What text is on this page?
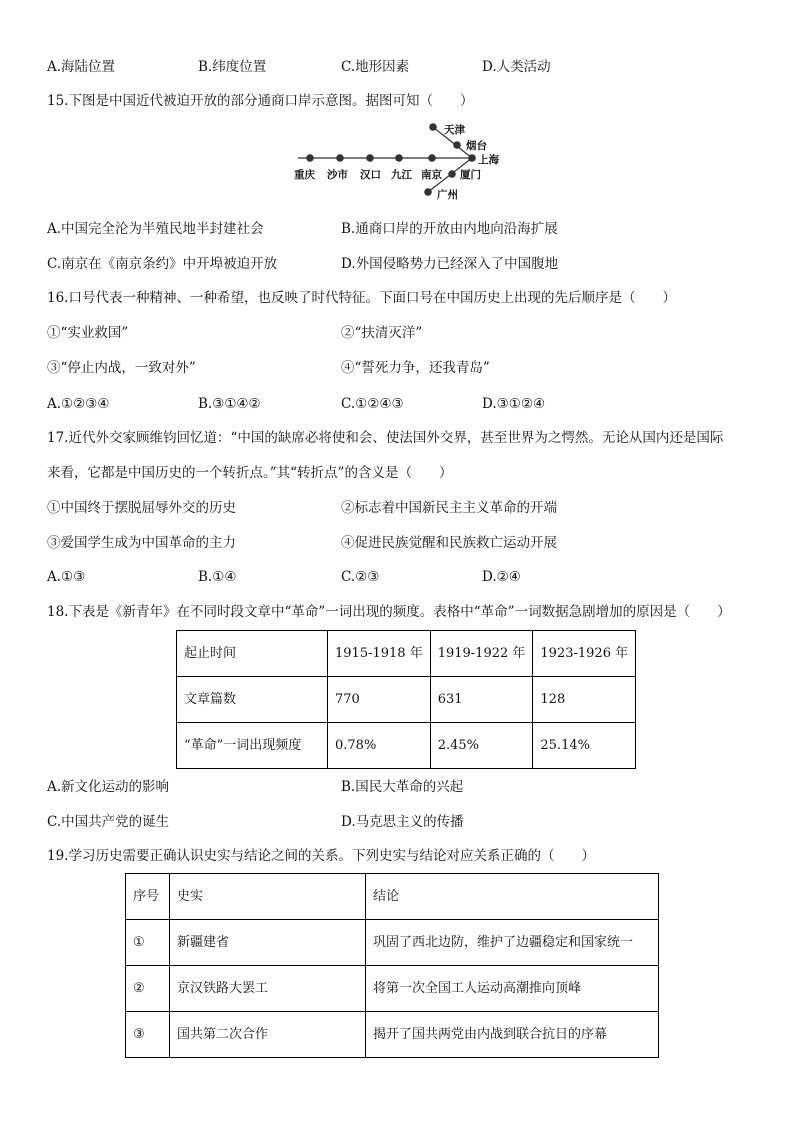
A.海陆位置	B.纬度位置	C.地形因素	D.人类活动
15.下图是中国近代被迫开放的部分通商口岸示意图。据图可知（　　）
重庆 沙市 汉口 九江 南京
天津
烟台
上海
厦门
广州
A.中国完全沦为半殖民地半封建社会	B.通商口岸的开放由内地向沿海扩展
C.南京在《南京条约》中开埠被迫开放	D.外国侵略势力已经深入了中国腹地
16.口号代表一种精神、一种希望，也反映了时代特征。下面口号在中国历史上出现的先后顺序是（　　）
①“实业救国”	②“扶清灭洋”
③“停止内战，一致对外”	④“誓死力争，还我青岛”
A.①②③④	B.③①④②	C.①②④③	D.③①②④
17.近代外交家顾维钧回忆道：“中国的缺席必将使和会、使法国外交界，甚至世界为之愕然。无论从国内还是国际
来看，它都是中国历史的一个转折点。”其“转折点”的含义是（　　）
①中国终于摆脱屈辱外交的历史	②标志着中国新民主主义革命的开端
③爱国学生成为中国革命的主力	④促进民族觉醒和民族救亡运动开展
A.①③	B.①④	C.②③	D.②④
18.下表是《新青年》在不同时段文章中“革命”一词出现的频度。表格中“革命”一词数据急剧增加的原因是（　　）
起止时间	1915-1918 年	1919-1922 年	1923-1926 年
文章篇数	770	631	128
“革命”一词出现频度	0.78%	2.45%	25.14%
A.新文化运动的影响	B.国民大革命的兴起
C.中国共产党的诞生	D.马克思主义的传播
19.学习历史需要正确认识史实与结论之间的关系。下列史实与结论对应关系正确的（　　）
序号	史实	结论
①	新疆建省	巩固了西北边防，维护了边疆稳定和国家统一
②	京汉铁路大罢工	将第一次全国工人运动高潮推向顶峰
③	国共第二次合作	揭开了国共两党由内战到联合抗日的序幕
